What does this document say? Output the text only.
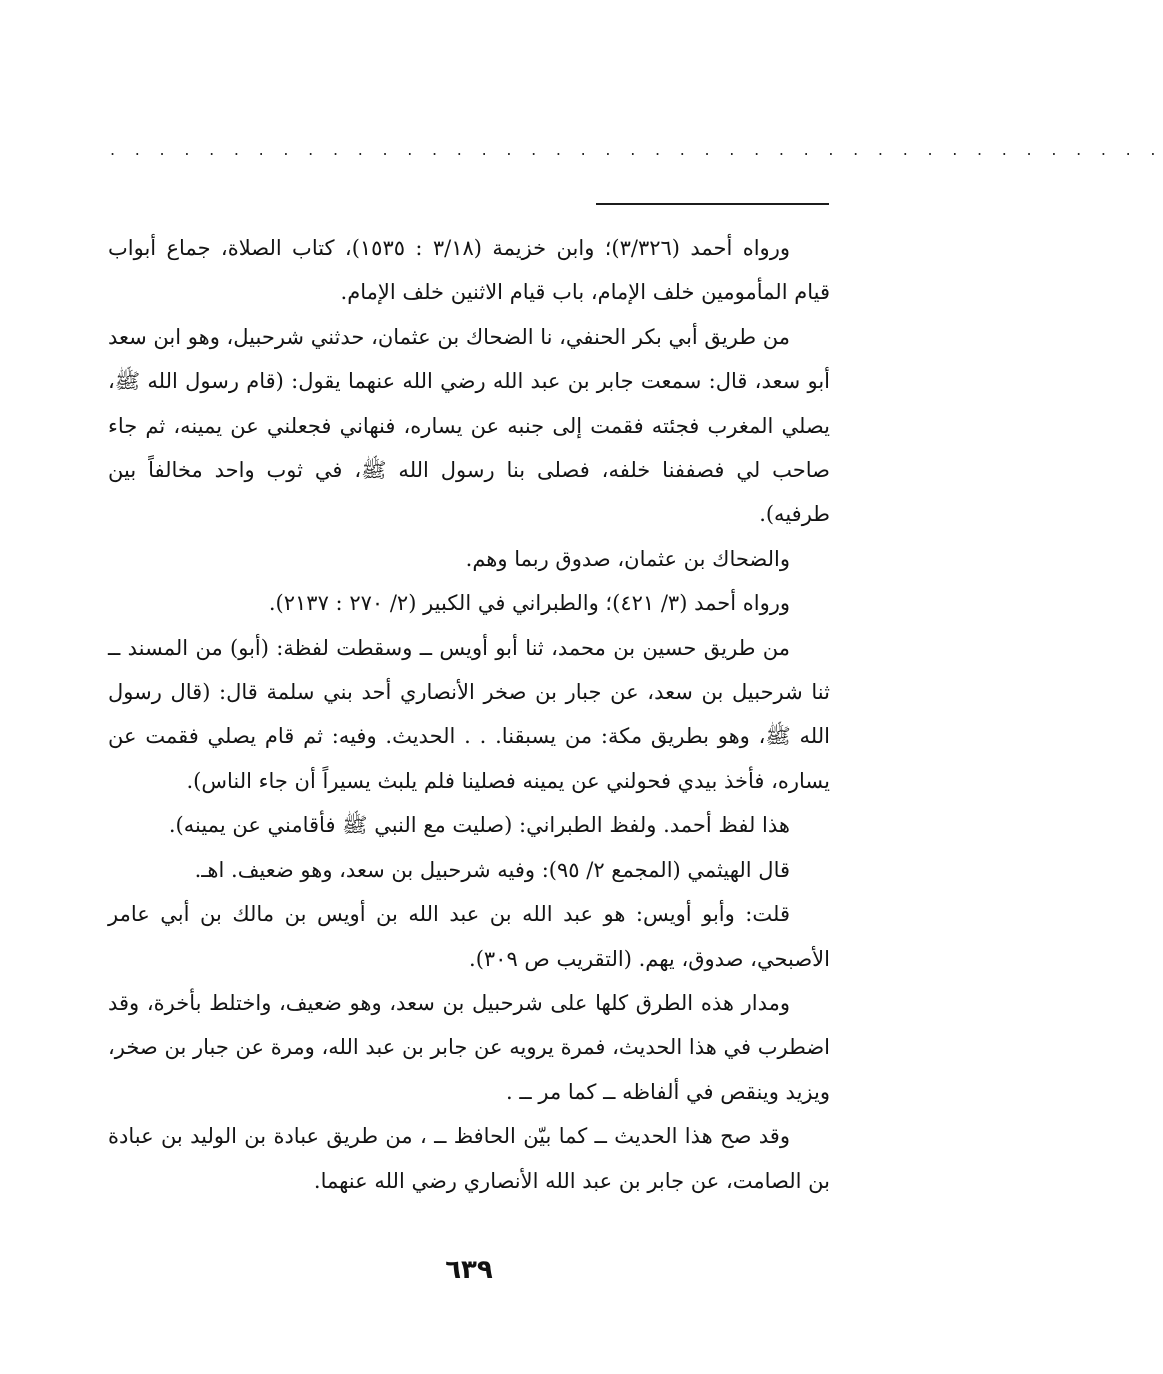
. . . . . . . . . . . . . . . . . . . . . . . . . . . . . . . . . . . . . . . . . . .

ورواه أحمد (٣/٣٢٦)؛ وابن خزيمة (٣/١٨ : ١٥٣٥)، كتاب الصلاة، جماع أبواب قيام المأمومين خلف الإمام، باب قيام الاثنين خلف الإمام.

من طريق أبي بكر الحنفي، نا الضحاك بن عثمان، حدثني شرحبيل، وهو ابن سعد أبو سعد، قال: سمعت جابر بن عبد الله رضي الله عنهما يقول: (قام رسول الله ﷺ، يصلي المغرب فجئته فقمت إلى جنبه عن يساره، فنهاني فجعلني عن يمينه، ثم جاء صاحب لي فصففنا خلفه، فصلى بنا رسول الله ﷺ، في ثوب واحد مخالفاً بين طرفيه).

والضحاك بن عثمان، صدوق ربما وهم.

ورواه أحمد (٣/ ٤٢١)؛ والطبراني في الكبير (٢/ ٢٧٠ : ٢١٣٧).

من طريق حسين بن محمد، ثنا أبو أويس ــ وسقطت لفظة: (أبو) من المسند ــ ثنا شرحبيل بن سعد، عن جبار بن صخر الأنصاري أحد بني سلمة قال: (قال رسول الله ﷺ، وهو بطريق مكة: من يسبقنا. . . الحديث. وفيه: ثم قام يصلي فقمت عن يساره، فأخذ بيدي فحولني عن يمينه فصلينا فلم يلبث يسيراً أن جاء الناس).

هذا لفظ أحمد. ولفظ الطبراني: (صليت مع النبي ﷺ فأقامني عن يمينه).

قال الهيثمي (المجمع ٢/ ٩٥): وفيه شرحبيل بن سعد، وهو ضعيف. اهـ.

قلت: وأبو أويس: هو عبد الله بن عبد الله بن أويس بن مالك بن أبي عامر الأصبحي، صدوق، يهم. (التقريب ص ٣٠٩).

ومدار هذه الطرق كلها على شرحبيل بن سعد، وهو ضعيف، واختلط بأخرة، وقد اضطرب في هذا الحديث، فمرة يرويه عن جابر بن عبد الله، ومرة عن جبار بن صخر، ويزيد وينقص في ألفاظه ــ كما مر ــ .

وقد صح هذا الحديث ــ كما بيّن الحافظ ــ ، من طريق عبادة بن الوليد بن عبادة بن الصامت، عن جابر بن عبد الله الأنصاري رضي الله عنهما.

٦٣٩
